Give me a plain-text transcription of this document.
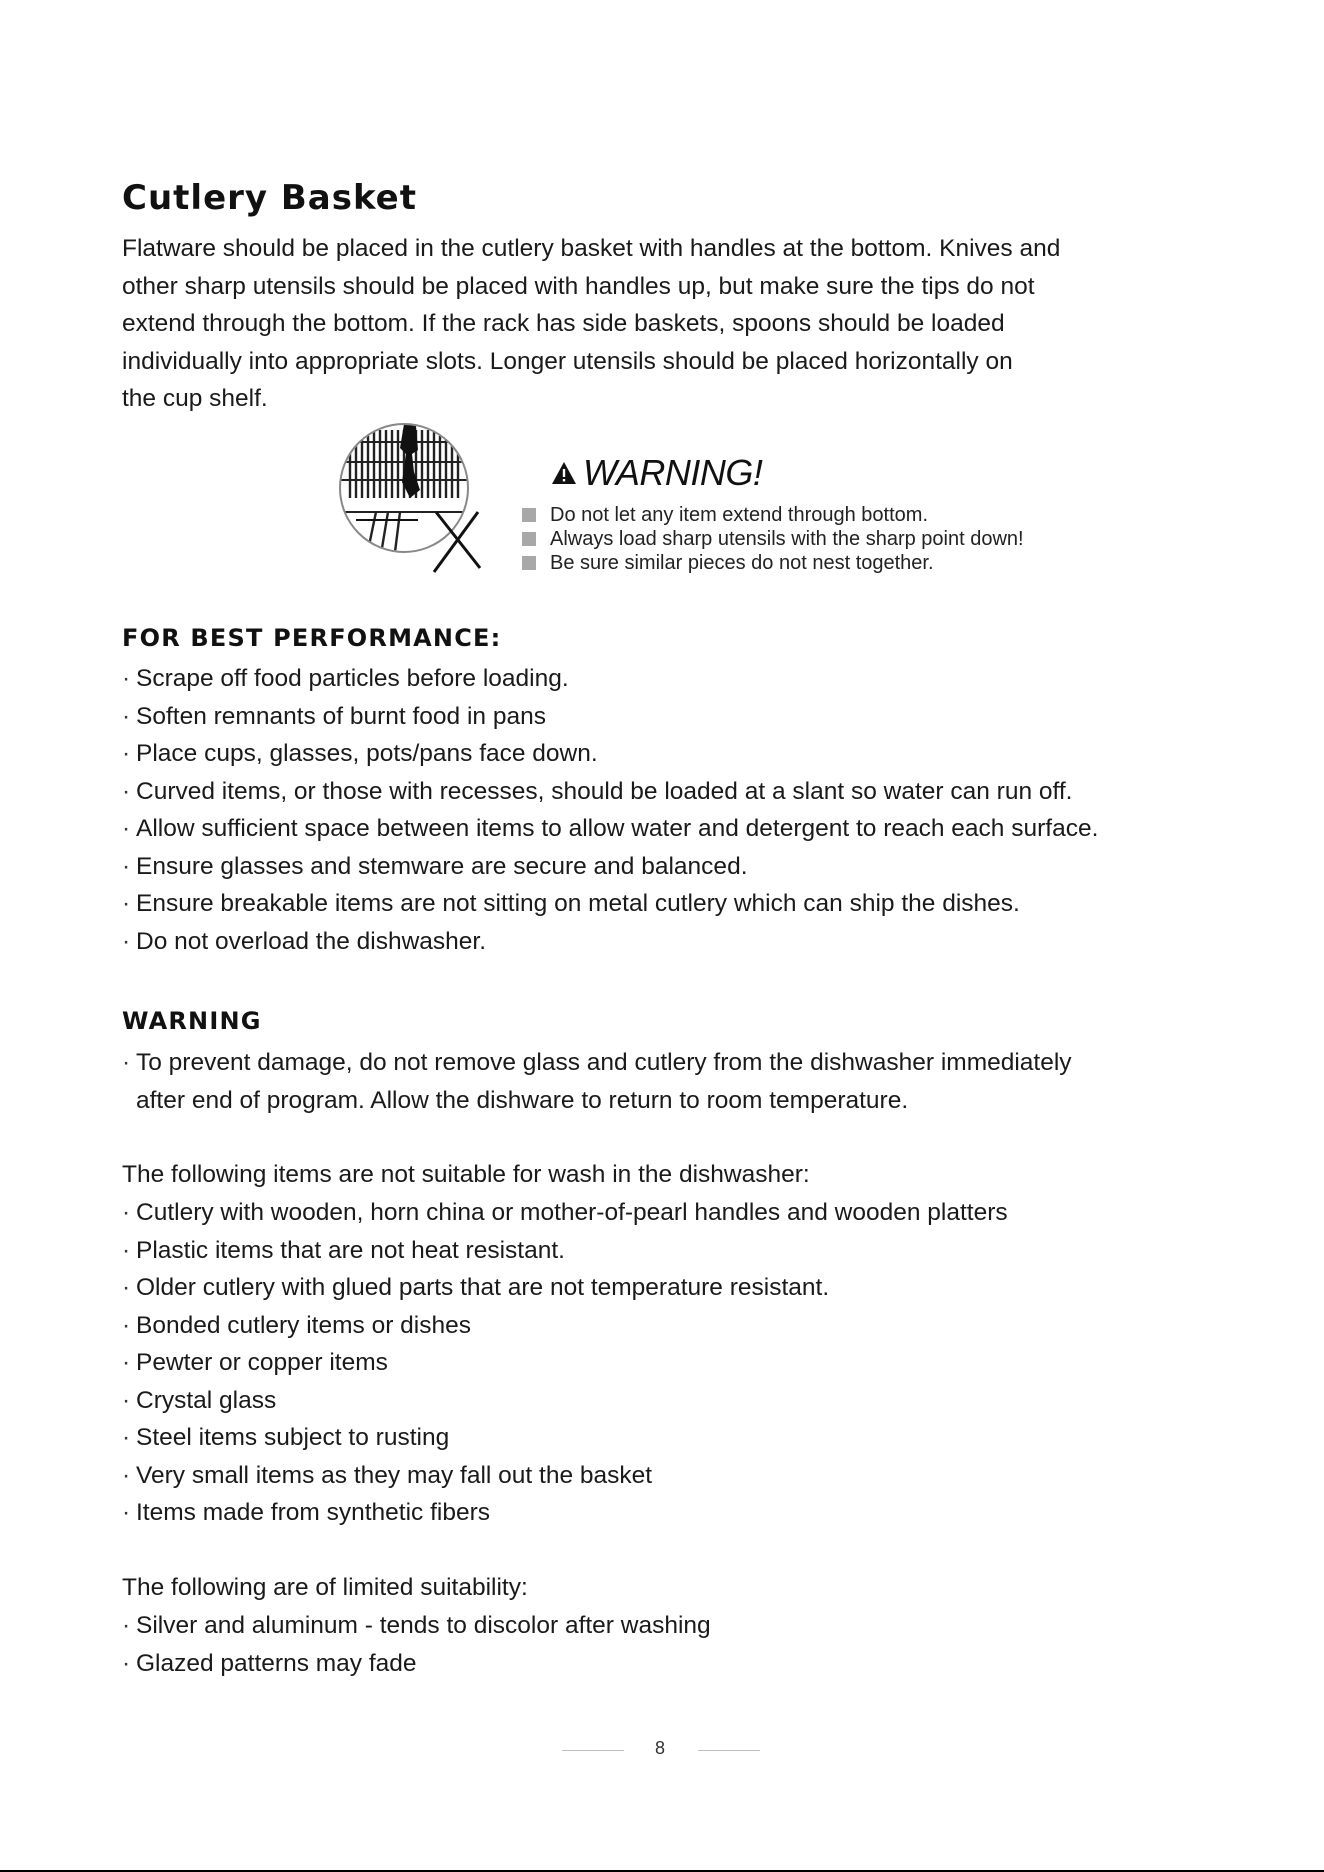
Cutlery Basket

Flatware should be placed in the cutlery basket with handles at the bottom. Knives and
other sharp utensils should be placed with handles up, but make sure the tips do not
extend through the bottom. If the rack has side baskets, spoons should be loaded
individually into appropriate slots. Longer utensils should be placed horizontally on
the cup shelf.

WARNING!
Do not let any item extend through bottom.
Always load sharp utensils with the sharp point down!
Be sure similar pieces do not nest together.
FOR BEST PERFORMANCE:
· Scrape off food particles before loading.
· Soften remnants of burnt food in pans
· Place cups, glasses, pots/pans face down.
· Curved items, or those with recesses, should be loaded at a slant so water can run off.
· Allow sufficient space between items to allow water and detergent to reach each surface.
· Ensure glasses and stemware are secure and balanced.
· Ensure breakable items are not sitting on metal cutlery which can ship the dishes.
· Do not overload the dishwasher.
WARNING
· To prevent damage, do not remove glass and cutlery from the dishwasher immediately
after end of program. Allow the dishware to return to room temperature.

The following items are not suitable for wash in the dishwasher:

· Cutlery with wooden, horn china or mother-of-pearl handles and wooden platters
· Plastic items that are not heat resistant.
· Older cutlery with glued parts that are not temperature resistant.
· Bonded cutlery items or dishes
· Pewter or copper items
· Crystal glass
· Steel items subject to rusting
· Very small items as they may fall out the basket
· Items made from synthetic fibers

The following are of limited suitability:

· Silver and aluminum - tends to discolor after washing
· Glazed patterns may fade
8
